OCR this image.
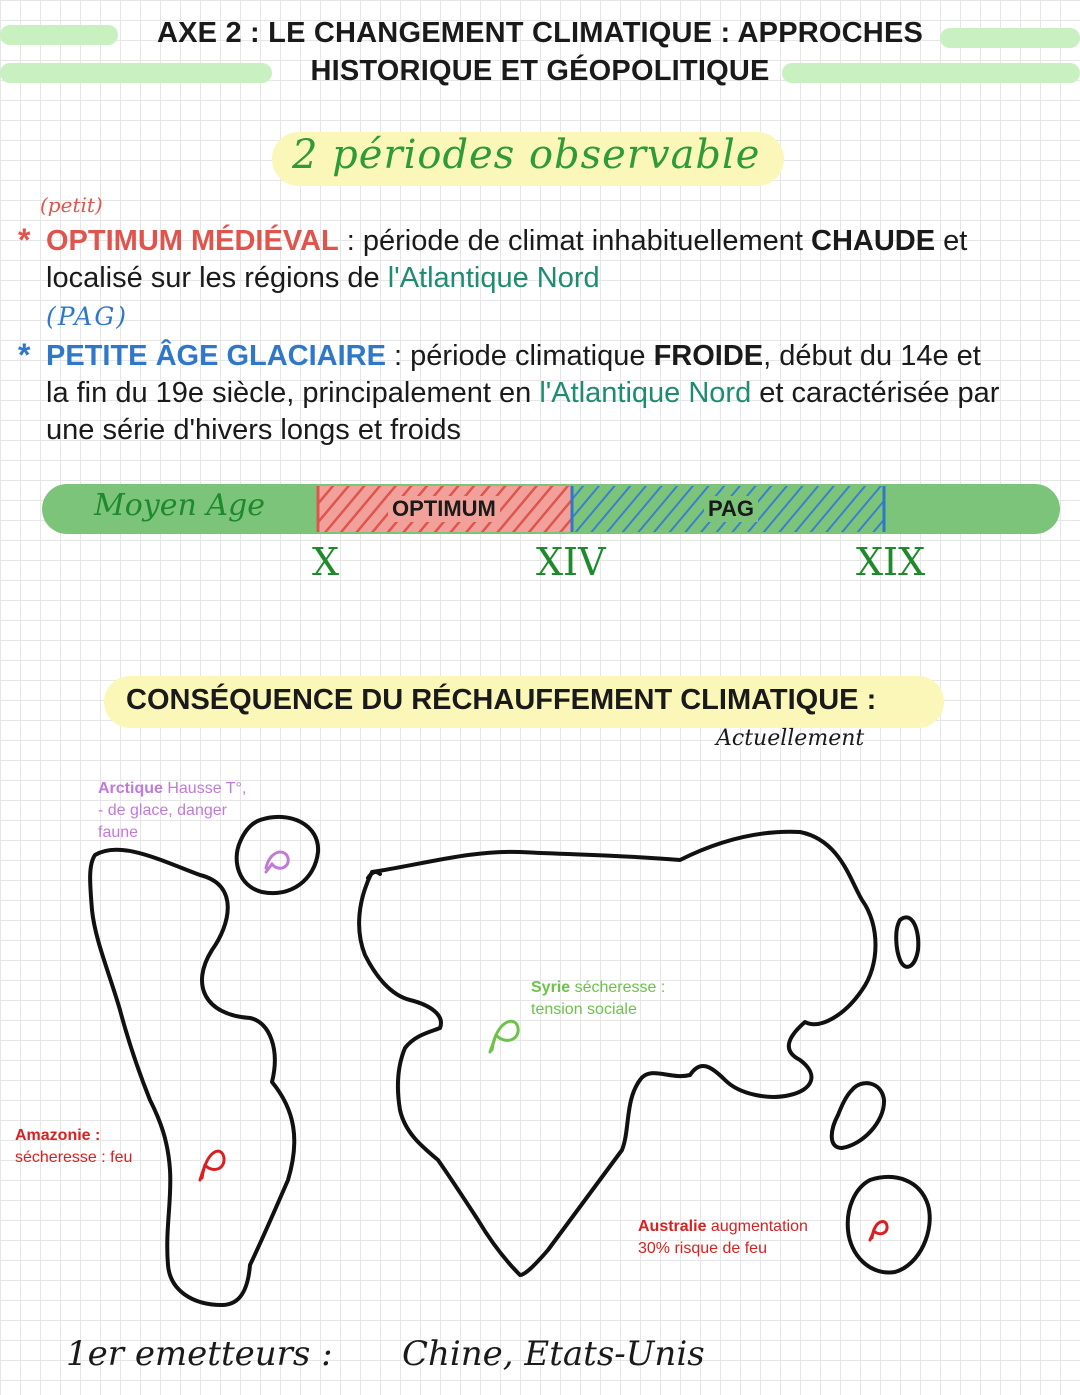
AXE 2 : LE CHANGEMENT CLIMATIQUE : APPROCHES
HISTORIQUE ET GÉOPOLITIQUE
2 périodes observable
(petit)
* OPTIMUM MÉDIÉVAL : période de climat inhabituellement CHAUDE et
localisé sur les régions de l'Atlantique Nord
(PAG)
* PETITE ÂGE GLACIAIRE : période climatique FROIDE, début du 14e et
la fin du 19e siècle, principalement en l'Atlantique Nord et caractérisée par
une série d'hivers longs et froids
Moyen Age	OPTIMUM	PAG
X	XIV	XIX
CONSÉQUENCE DU RÉCHAUFFEMENT CLIMATIQUE :
Actuellement
Arctique Hausse T°,
- de glace, danger
faune
Syrie sécheresse :
tension sociale
Amazonie :
sécheresse : feu
Australie augmentation
30% risque de feu
1er emetteurs : Chine, Etats-Unis
